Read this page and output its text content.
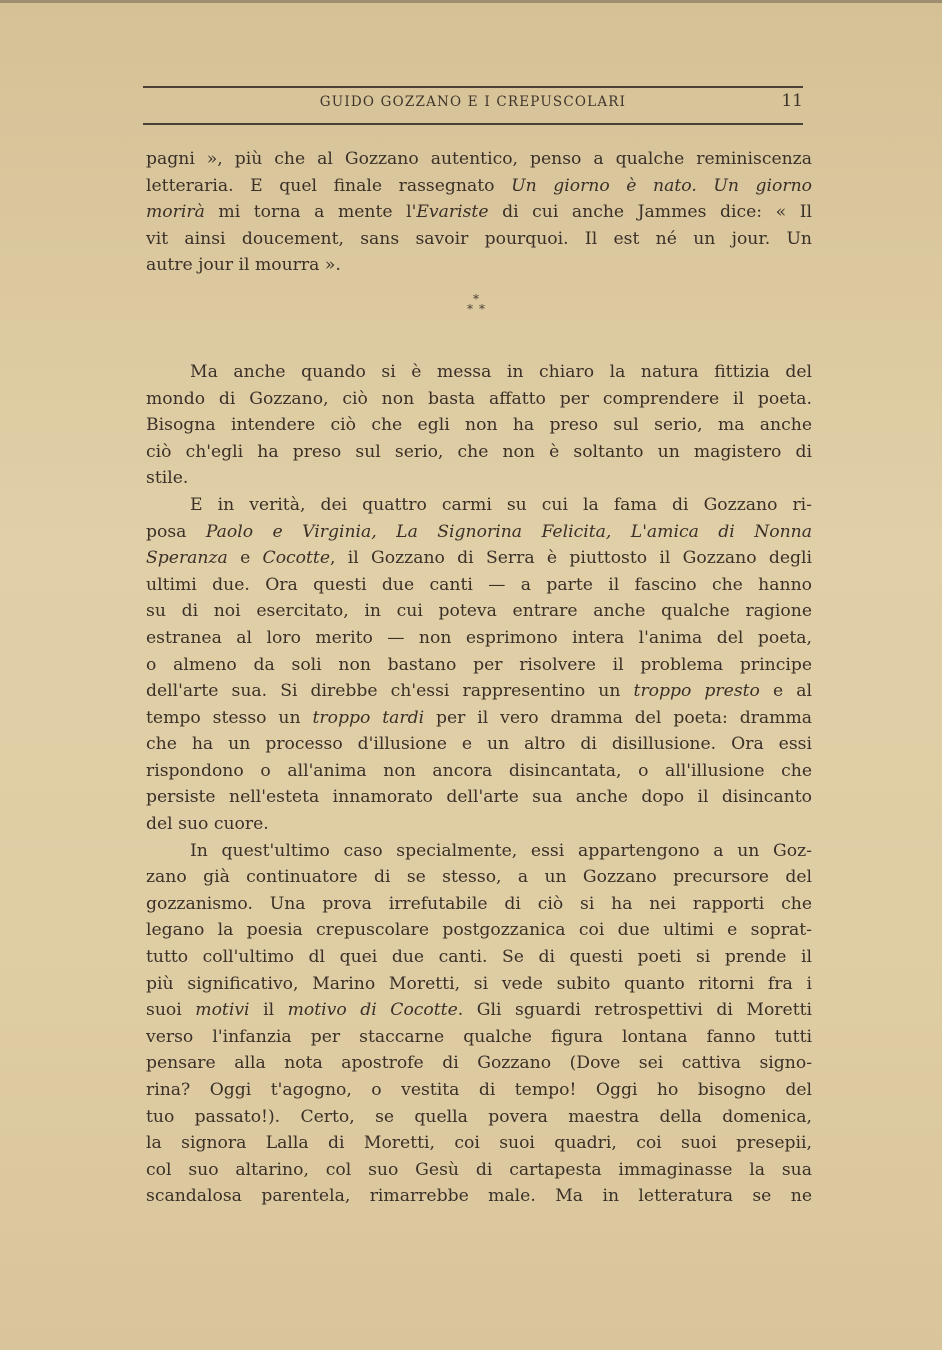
GUIDO GOZZANO E I CREPUSCOLARI	11
pagni », più che al Gozzano autentico, penso a qualche reminiscenza
letteraria. E quel finale rassegnato Un giorno è nato. Un giorno
morirà mi torna a mente l'Evariste di cui anche Jammes dice: « Il
vit ainsi doucement, sans savoir pourquoi. Il est né un jour. Un
autre jour il mourra ».
*
* *
Ma anche quando si è messa in chiaro la natura fittizia del
mondo di Gozzano, ciò non basta affatto per comprendere il poeta.
Bisogna intendere ciò che egli non ha preso sul serio, ma anche
ciò ch'egli ha preso sul serio, che non è soltanto un magistero di
stile.
E in verità, dei quattro carmi su cui la fama di Gozzano ri-
posa Paolo e Virginia, La Signorina Felicita, L'amica di Nonna
Speranza e Cocotte, il Gozzano di Serra è piuttosto il Gozzano degli
ultimi due. Ora questi due canti — a parte il fascino che hanno
su di noi esercitato, in cui poteva entrare anche qualche ragione
estranea al loro merito — non esprimono intera l'anima del poeta,
o almeno da soli non bastano per risolvere il problema principe
dell'arte sua. Si direbbe ch'essi rappresentino un troppo presto e al
tempo stesso un troppo tardi per il vero dramma del poeta: dramma
che ha un processo d'illusione e un altro di disillusione. Ora essi
rispondono o all'anima non ancora disincantata, o all'illusione che
persiste nell'esteta innamorato dell'arte sua anche dopo il disincanto
del suo cuore.
In quest'ultimo caso specialmente, essi appartengono a un Goz-
zano già continuatore di se stesso, a un Gozzano precursore del
gozzanismo. Una prova irrefutabile di ciò si ha nei rapporti che
legano la poesia crepuscolare postgozzanica coi due ultimi e soprat-
tutto coll'ultimo dl quei due canti. Se di questi poeti si prende il
più significativo, Marino Moretti, si vede subito quanto ritorni fra i
suoi motivi il motivo di Cocotte. Gli sguardi retrospettivi di Moretti
verso l'infanzia per staccarne qualche figura lontana fanno tutti
pensare alla nota apostrofe di Gozzano (Dove sei cattiva signo-
rina? Oggi t'agogno, o vestita di tempo! Oggi ho bisogno del
tuo passato!). Certo, se quella povera maestra della domenica,
la signora Lalla di Moretti, coi suoi quadri, coi suoi presepii,
col suo altarino, col suo Gesù di cartapesta immaginasse la sua
scandalosa parentela, rimarrebbe male. Ma in letteratura se ne
